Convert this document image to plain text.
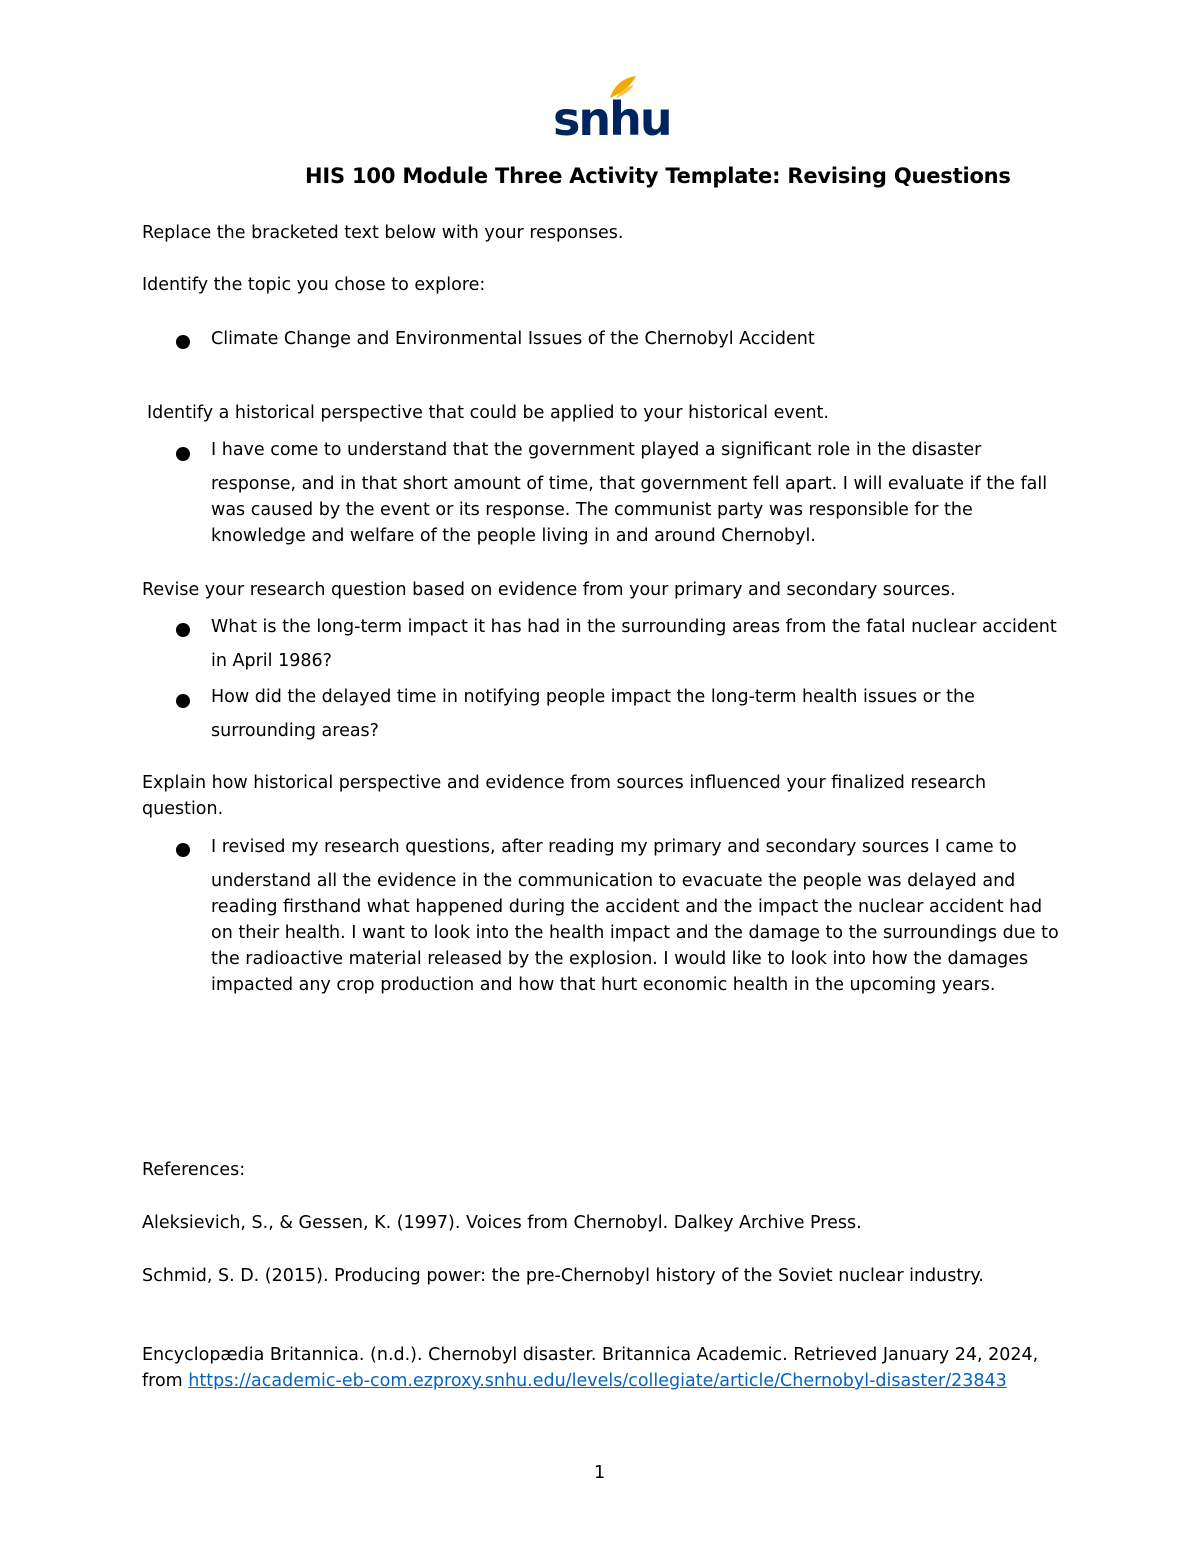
snhu
HIS 100 Module Three Activity Template: Revising Questions
Replace the bracketed text below with your responses.
Identify the topic you chose to explore:
Climate Change and Environmental Issues of the Chernobyl Accident
Identify a historical perspective that could be applied to your historical event.
I have come to understand that the government played a significant role in the disaster
response, and in that short amount of time, that government fell apart. I will evaluate if the fall
was caused by the event or its response. The communist party was responsible for the
knowledge and welfare of the people living in and around Chernobyl.
Revise your research question based on evidence from your primary and secondary sources.
What is the long-term impact it has had in the surrounding areas from the fatal nuclear accident
in April 1986?
How did the delayed time in notifying people impact the long-term health issues or the
surrounding areas?
Explain how historical perspective and evidence from sources influenced your finalized research
question.
I revised my research questions, after reading my primary and secondary sources I came to
understand all the evidence in the communication to evacuate the people was delayed and
reading firsthand what happened during the accident and the impact the nuclear accident had
on their health. I want to look into the health impact and the damage to the surroundings due to
the radioactive material released by the explosion. I would like to look into how the damages
impacted any crop production and how that hurt economic health in the upcoming years.
References:
Aleksievich, S., & Gessen, K. (1997). Voices from Chernobyl. Dalkey Archive Press.
Schmid, S. D. (2015). Producing power: the pre-Chernobyl history of the Soviet nuclear industry.
Encyclopædia Britannica. (n.d.). Chernobyl disaster. Britannica Academic. Retrieved January 24, 2024,
from https://academic-eb-com.ezproxy.snhu.edu/levels/collegiate/article/Chernobyl-disaster/23843
1
